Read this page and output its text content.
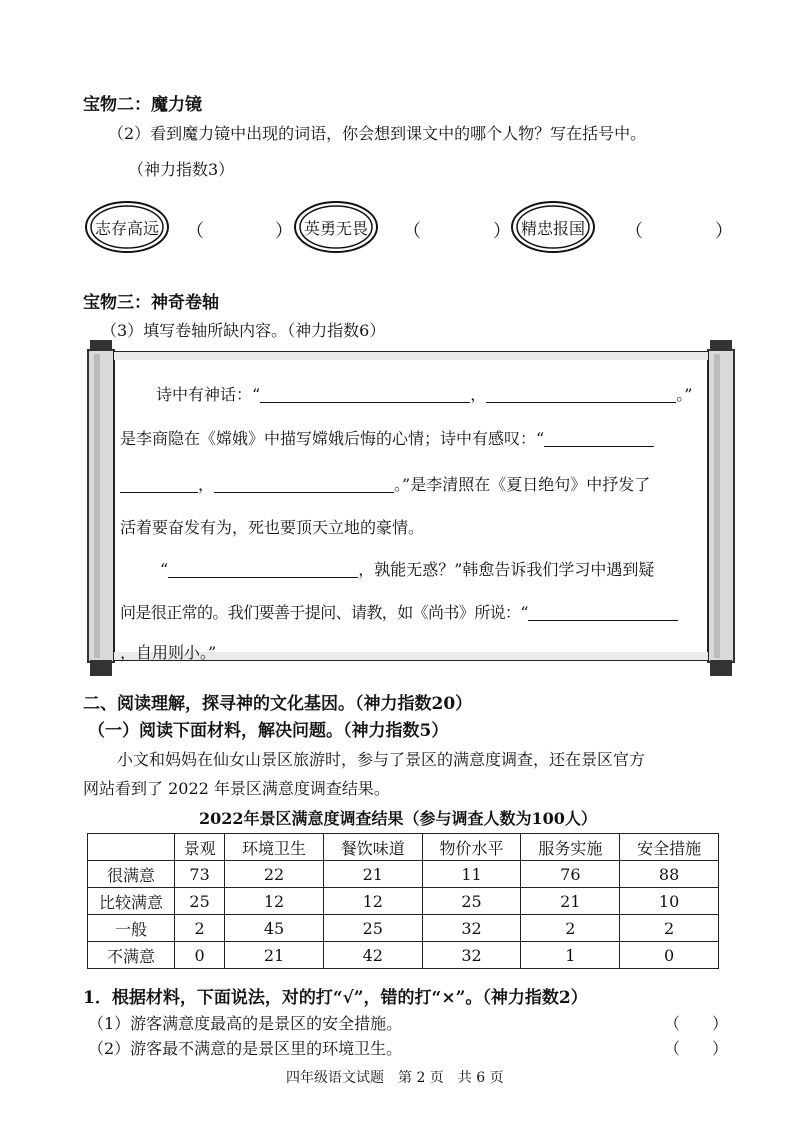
宝物二：魔力镜
（2）看到魔力镜中出现的词语，你会想到课文中的哪个人物？写在括号中。
（神力指数3）
志存高远	（	） 英勇无畏	（	） 精忠报国	（	）
宝物三：神奇卷轴
（3）填写卷轴所缺内容。（神力指数6）
诗中有神话：“	，	。”
是李商隐在《嫦娥》中描写嫦娥后悔的心情；诗中有感叹：“
，	。”是李清照在《夏日绝句》中抒发了
活着要奋发有为，死也要顶天立地的豪情。
“	，孰能无惑？”韩愈告诉我们学习中遇到疑
问是很正常的。我们要善于提问、请教，如《尚书》所说：“
，自用则小。”
二、阅读理解，探寻神的文化基因。（神力指数20）
（一）阅读下面材料，解决问题。（神力指数5）
小文和妈妈在仙女山景区旅游时，参与了景区的满意度调查，还在景区官方
网站看到了 2022 年景区满意度调查结果。
2022年景区满意度调查结果（参与调查人数为100人）
	景观	环境卫生	餐饮味道	物价水平	服务实施	安全措施
很满意	73	22	21	11	76	88
比较满意	25	12	12	25	21	10
一般	2	45	25	32	2	2
不满意	0	21	42	32	1	0
1．根据材料，下面说法，对的打“√”，错的打“×”。（神力指数2）
（1）游客满意度最高的是景区的安全措施。	（　　）
（2）游客最不满意的是景区里的环境卫生。	（　　）
四年级语文试题　第 2 页　共 6 页
